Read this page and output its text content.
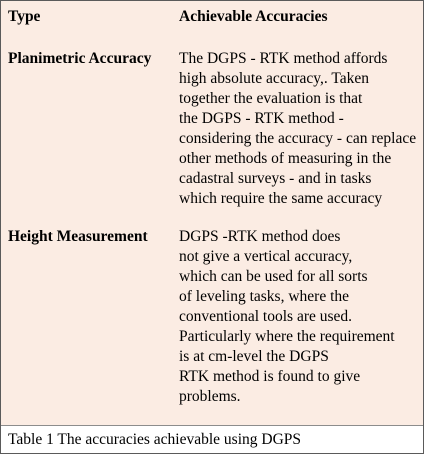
Type	Achievable Accuracies
Planimetric Accuracy The DGPS - RTK method affords
high absolute accuracy,. Taken
together the evaluation is that
the DGPS - RTK method -
considering the accuracy - can replace
other methods of measuring in the
cadastral surveys - and in tasks
which require the same accuracy
Height Measurement DGPS -RTK method does
not give a vertical accuracy,
which can be used for all sorts
of leveling tasks, where the
conventional tools are used.
Particularly where the requirement
is at cm-level the DGPS
RTK method is found to give
problems.
Table 1 The accuracies achievable using DGPS
